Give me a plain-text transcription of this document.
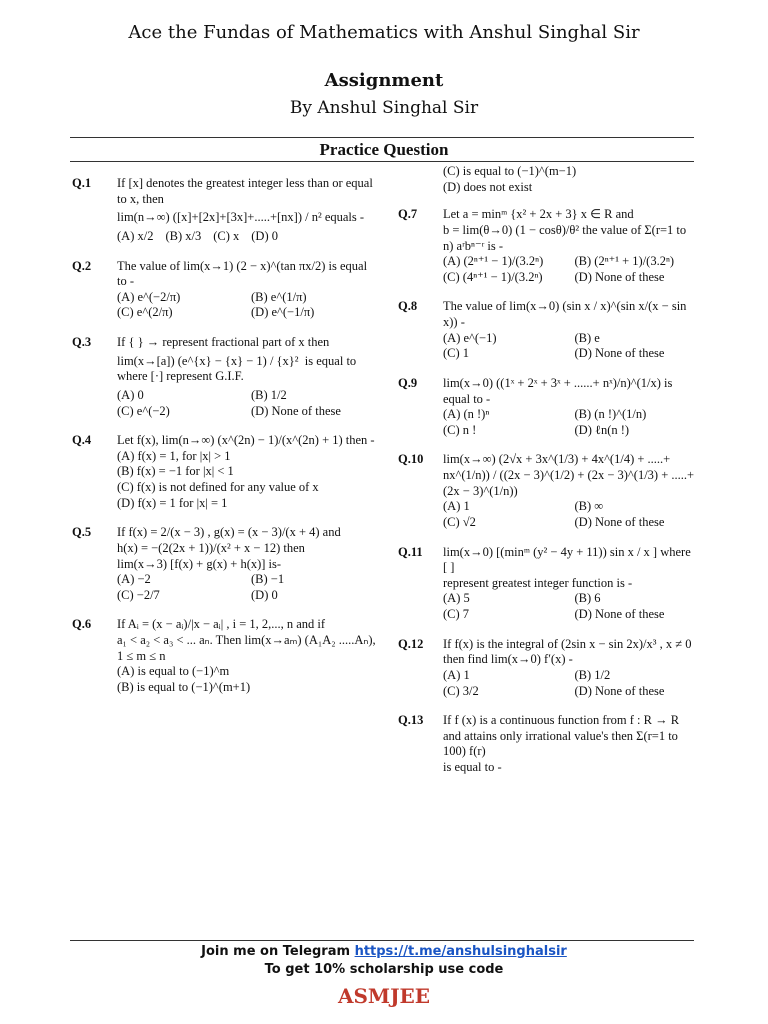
Ace the Fundas of Mathematics with Anshul Singhal Sir
Assignment
By Anshul Singhal Sir
Practice Question
Q.1 If [x] denotes the greatest integer less than or equal to x, then
lim(n→∞) ([x]+[2x]+[3x]+.....+[nx]) / n² equals -
(A) x/2 (B) x/3 (C) x (D) 0
Q.2 The value of lim(x→1) (2 − x)^(tan πx/2) is equal to -
(A) e^(−2/π)	(B) e^(1/π)
(C) e^(2/π)	(D) e^(−1/π)
Q.3 If { } → represent fractional part of x then
lim(x→[a]) (e^{x} − {x} − 1) / {x}²  is equal to where [·] represent G.I.F.
(A) 0	(B) 1/2
(C) e^(−2)	(D) None of these
Q.4 Let f(x), lim(n→∞) (x^(2n) − 1)/(x^(2n) + 1) then -
(A) f(x) = 1, for |x| > 1
(B) f(x) = −1 for |x| < 1
(C) f(x) is not defined for any value of x
(D) f(x) = 1 for |x| = 1
Q.5 If f(x) = 2/(x − 3) , g(x) = (x − 3)/(x + 4) and
h(x) = −(2(2x + 1))/(x² + x − 12) then
lim(x→3) [f(x) + g(x) + h(x)] is-
(A) −2	(B) −1
(C) −2/7	(D) 0
Q.6 If Aᵢ = (x − aᵢ)/|x − aᵢ| , i = 1, 2,..., n and if
a₁ < a₂ < a₃ < ... aₙ. Then lim(x→aₘ) (A₁A₂ .....Aₙ),
1 ≤ m ≤ n
(A) is equal to (−1)^m
(B) is equal to (−1)^(m+1)
(C) is equal to (−1)^(m−1)
(D) does not exist
Q.7 Let a = minᵐ {x² + 2x + 3} x ∈ R and
b = lim(θ→0) (1 − cosθ)/θ² the value of Σ(r=1 to n) aʳbⁿ⁻ʳ is -
(A) (2ⁿ⁺¹ − 1)/(3.2ⁿ)	(B) (2ⁿ⁺¹ + 1)/(3.2ⁿ)
(C) (4ⁿ⁺¹ − 1)/(3.2ⁿ)	(D) None of these
Q.8 The value of lim(x→0) (sin x / x)^(sin x/(x − sin x)) -
(A) e^(−1)	(B) e
(C) 1	(D) None of these
Q.9 lim(x→0) ((1ˣ + 2ˣ + 3ˣ + ......+ nˣ)/n)^(1/x) is equal to -
(A) (n !)ⁿ	(B) (n !)^(1/n)
(C) n !	(D) ℓn(n !)
Q.10 lim(x→∞) (2√x + 3x^(1/3) + 4x^(1/4) + .....+ nx^(1/n)) / ((2x − 3)^(1/2) + (2x − 3)^(1/3) + .....+ (2x − 3)^(1/n))
(A) 1	(B) ∞
(C) √2	(D) None of these
Q.11 lim(x→0) [(minᵐ (y² − 4y + 11)) sin x / x ] where [ ]
represent greatest integer function is -
(A) 5	(B) 6
(C) 7	(D) None of these
Q.12 If f(x) is the integral of (2sin x − sin 2x)/x³ , x ≠ 0
then find lim(x→0) f′(x) -
(A) 1	(B) 1/2
(C) 3/2	(D) None of these
Q.13 If f (x) is a continuous function from f : R → R
and attains only irrational value's then Σ(r=1 to 100) f(r)
is equal to -
Join me on Telegram https://t.me/anshulsinghalsir
To get 10% scholarship use code
ASMJEE
